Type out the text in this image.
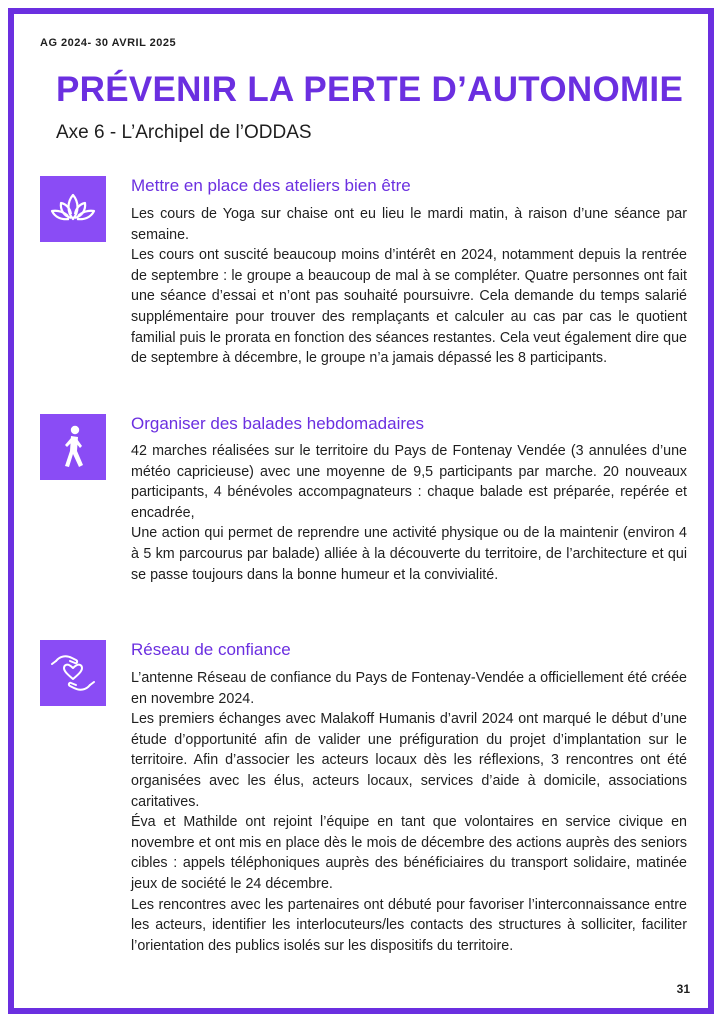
AG 2024- 30 AVRIL 2025
PRÉVENIR LA PERTE D’AUTONOMIE
Axe 6 - L’Archipel de l’ODDAS
Mettre en place des ateliers bien être

Les cours de Yoga sur chaise ont eu lieu le mardi matin, à raison d’une séance par semaine.

Les cours ont suscité beaucoup moins d’intérêt en 2024, notamment depuis la rentrée de septembre : le groupe a beaucoup de mal à se compléter. Quatre personnes ont fait une séance d’essai et n’ont pas souhaité poursuivre. Cela demande du temps salarié supplémentaire pour trouver des remplaçants et calculer au cas par cas le quotient familial puis le prorata en fonction des séances restantes. Cela veut également dire que de septembre à décembre, le groupe n’a jamais dépassé les 8 participants.

Organiser des balades hebdomadaires

42 marches réalisées sur le territoire du Pays de Fontenay Vendée (3 annulées d’une météo capricieuse) avec une moyenne de 9,5 participants par marche. 20 nouveaux participants, 4 bénévoles accompagnateurs : chaque balade est préparée, repérée et encadrée,

Une action qui permet de reprendre une activité physique ou de la maintenir (environ 4 à 5 km parcourus par balade) alliée à la découverte du territoire, de l’architecture et qui se passe toujours dans la bonne humeur et la convivialité.

Réseau de confiance

L’antenne Réseau de confiance du Pays de Fontenay-Vendée a officiellement été créée en novembre 2024.

Les premiers échanges avec Malakoff Humanis d’avril 2024 ont marqué le début d’une étude d’opportunité afin de valider une préfiguration du projet d’implantation sur le territoire. Afin d’associer les acteurs locaux dès les réflexions, 3 rencontres ont été organisées avec les élus, acteurs locaux, services d’aide à domicile, associations caritatives.

Éva et Mathilde ont rejoint l’équipe en tant que volontaires en service civique en novembre et ont mis en place dès le mois de décembre des actions auprès des seniors cibles : appels téléphoniques auprès des bénéficiaires du transport solidaire, matinée jeux de société le 24 décembre.

Les rencontres avec les partenaires ont débuté pour favoriser l’interconnaissance entre les acteurs, identifier les interlocuteurs/les contacts des structures à solliciter, faciliter l’orientation des publics isolés sur les dispositifs du territoire.

31
